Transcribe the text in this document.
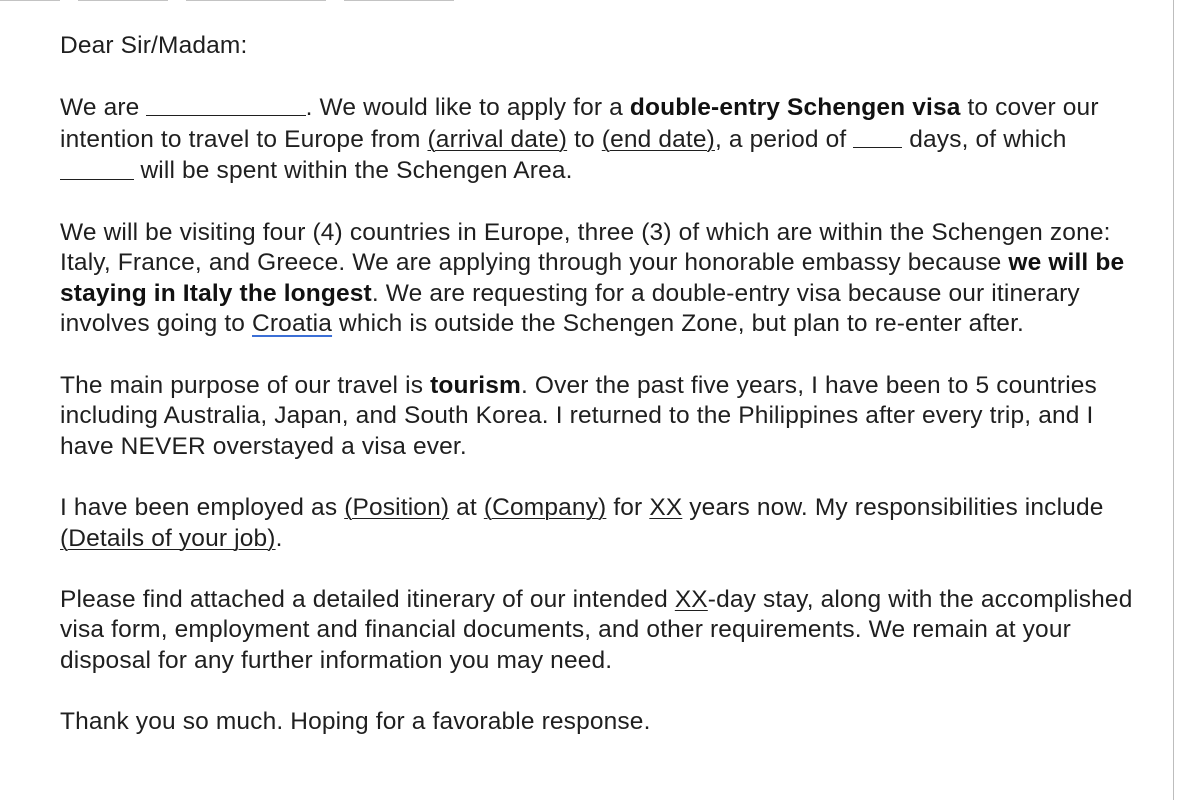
Dear Sir/Madam:

We are	. We would like to apply for a double-entry Schengen visa to cover our intention to travel to Europe from (arrival date) to (end date), a period of  days, of which  will be spent within the Schengen Area.

We will be visiting four (4) countries in Europe, three (3) of which are within the Schengen zone: Italy, France, and Greece. We are applying through your honorable embassy because we will be staying in Italy the longest. We are requesting for a double-entry visa because our itinerary involves going to Croatia which is outside the Schengen Zone, but plan to re-enter after.

The main purpose of our travel is tourism. Over the past five years, I have been to 5 countries including Australia, Japan, and South Korea. I returned to the Philippines after every trip, and I have NEVER overstayed a visa ever.

I have been employed as (Position) at (Company) for XX years now. My responsibilities include (Details of your job).

Please find attached a detailed itinerary of our intended XX-day stay, along with the accomplished visa form, employment and financial documents, and other requirements. We remain at your disposal for any further information you may need.

Thank you so much. Hoping for a favorable response.
